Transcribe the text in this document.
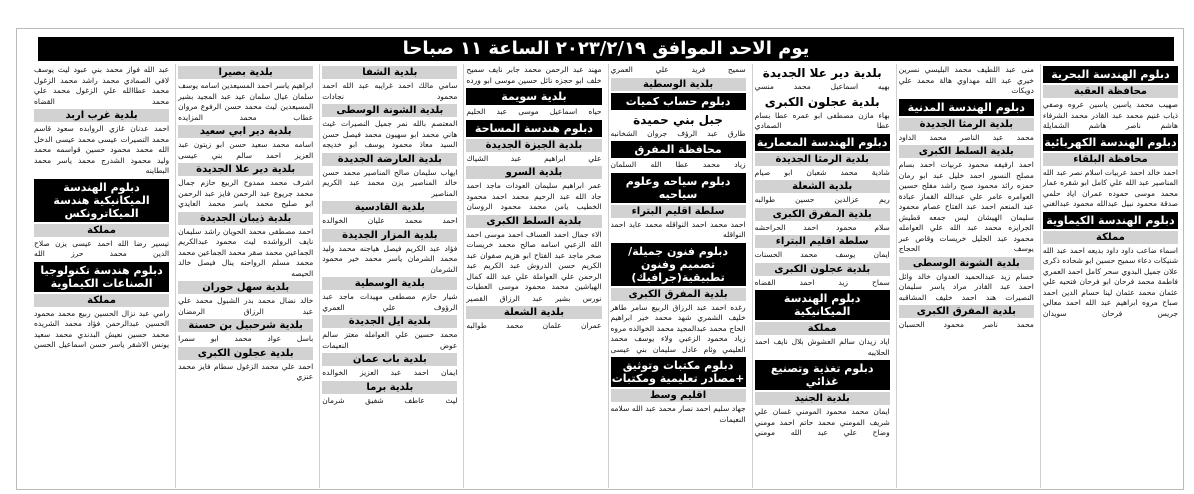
يوم الاحد الموافق ٢٠٢٣/٢/١٩ الساعة ١١ صباحا
دبلوم الهندسة البحرية
محافظة العقبة
صهيب محمد ياسين ياسين عروه وصفي ذياب غنيم محمد عبد القادر محمد الشرفاء هاشم ناصر هاشم الشمايلة
دبلوم الهندسة الكهربائية
محافظة البلقاء
احمد خالد احمد عربيات اسلام نصر عبد الله المناصير عبد الله علي كامل ابو شقره عمار محمد موسى حموده عمران اياد حلمي صدقة محمود نبيل عبدالله محمود عبدالغني
دبلوم الهندسة الكيماوية
مملكة
اسماء ضاعب داود داود بديعه احمد عبد الله شنيكات دعاء سميح حسين ابو شحاده ذكرى علان جميل البدوي سحر كامل احمد العمري فاطمة محمد فرحان ابو فرحان فتحيه علي عثمان محمد عثمان لينا حسام الدين احمد صباح مروه ابراهيم عبد الله احمد معالي جريس فرحان سويدان
منى عبد اللطيف محمد البليسي نسرين خيري عبد الله مهداوي هالة محمد علي دويكات
دبلوم الهندسة المدنية
بلدية الرمثا الجديدة
محمد عبد الناصر محمد الداود
بلدية السلط الكبرى
احمد ارفيفه محمود عربيات احمد بسام مصلح النسور احمد خليل عبد ابو رمان حمزه رائد محمود صبح راشد مفلح حسين العوامره عامر علي عبدالله القماز عبادة عبد المنعم احمد عبد الفتاح عصام محمود سليمان الهيشان ليس جمعه قطيش الجرايزه محمد عبد الله علي العوامله محمود عبد الجليل خريسات وقاص عبر يوسف الحجاج
بلدية الشونة الوسطى
حسام زيد عبدالحميد العدوان خالد وائل احمد عبد القادر مراد ياسر سليمان النصيرات هند احمد خليف المشاقبه
بلدية المفرق الكبرى
محمد ناصر محمود الحسبان
بلدية دير علا الجديدة
بهيه اسماعيل محمد منسي
بلدية عجلون الكبرى
بهاء مازن مصطفى ابو عمره عطا بسام عطا الصمادي
دبلوم الهندسة المعمارية
بلدية الرمثا الجديدة
شادية محمد شعبان ابو صيام
بلدية الشعلة
ريم عزالدين حسين طوالبه
بلدية المفرق الكبرى
سلام محمود احمد الحراحشه
سلطة اقليم البتراء
ايمان يوسف محمد الحسنات
بلدية عجلون الكبرى
سماح زيد احمد القضاه
دبلوم الهندسة الميكانيكية
مملكة
اياد زيدان سالم العشوش بلال نايف احمد الحلايبه
دبلوم تغذية وتصنيع غذائي
بلدية الجنيد
ايمان محمد محمود المومني غسان علي شريف المومني محمد حاتم احمد مومني وضاح علي عبد الله مومني
سميح فريد علي العمري
بلدية الوسطية
دبلوم حساب كميات
جبل بني حميدة
طارق عبد الرؤف جروان الشخانبه
محافظة المفرق
زياد محمد عطا الله السلمان
دبلوم سياحه وعلوم سياحيه
سلطة اقليم البتراء
احمد محمد احمد النواقله محمد عايد احمد النواقله
دبلوم فنون جميلة/تصميم وفنون تطبيقية(جرافيك)
بلدية المفرق الكبرى
رغده احمد عبد الرزاق الربيع سامر طاهر خليف الشمري شهد محمد خير ابراهيم الحاج محمد عبدالمجيد محمد الخوالده مروه زياد محمود الزعبي ولاء يوسف محمد العليمي وئام عادل سليمان بني عيسى
دبلوم مكتبات وتوثيق +مصادر تعليمية ومكتبات
اقليم وسط
جهاد سليم احمد نصار محمد عبد الله سلامه النعيمات
مهند عبد الرحمن محمد جابر نايف سميح خلف ابو حجزه نائل حسين موسى ابو ورده
بلدية سويمة
حياه اسماعيل موسى عبد الحليم
دبلوم هندسة المساحة
بلدية الجيزة الجديدة
علي ابراهيم عبد الشياك
بلدية السرو
عمر ابراهيم سليمان العودات ماجد احمد جاد الله عبد الرحيم محمد احمد محمود الخطيب يامن محمد محمود الروسان
بلدية السلط الكبرى
الاء جمال احمد العساف احمد موسى احمد الله الزعبي اسامه صالح محمد خريسات صخر ماجد عبد الفتاح ابو هزيم صفوان عبد الكريم حسن الدروش عبد الكريم عبد الرحمن علي العواملة علي عبد الله كمال الهياشين محمد محمود موسى العطيات
نورس بشير عبد الرزاق القصير
بلدية الشعلة
عمران علمان محمد طوالبه
بلدية الشفا
سامي مالك احمد غرايبه عبد الله احمد محمود نجادات
بلدية الشونة الوسطى
المعتصم بالله نمر جميل النصيرات غيث هاني محمد ابو سهيون محمد فيصل حسن السيد معاذ محمود يوسف ابو خديجه
بلدية العارضة الجديدة
ايهاب سليمان صالح المناصير محمد حسن خالد المناصير يزن محمد عبد الكريم المناصير
بلدية القادسية
احمد محمد عليان الخوالده
بلدية المزار الجديدة
فؤاد عبد الكريم فيصل هياجنه محمد وليد محمد الشرمان ياسر محمد خير محمود الشرمان
بلدية الوسطية
شيار حازم مصطفى مهيدات ماجد عبد الرؤوف علي العمري
بلدية ايل الجديدة
محمد حسين علي العوامله معتز سالم عوض النعيمات
بلدية باب عمان
ايمان احمد عبد العزيز الخوالده
بلدية برما
ليث عاطف شفيق شرمان
بلدية بصيرا
ابراهيم ياسر احمد المسيعدين اسامه يوسف سلمان عيال سلمان عيد عبد المجيد بشير المسيعدين ليث محمد حسن الرفوع مروان عطاب محمد المزايده
بلدية دير ابي سعيد
اسامه محمد سعيد حسن ابو زيتون عبد العزيز احمد سالم بني عيسى
بلدية دير علا الجديدة
اشرف محمد ممدوح الربيع حازم جمال محمد جريوع عبد الرحمن فايز عبد الرحمن ابو صليح محمد ياسر محمد العايدي
بلدية ذيبان الجديدة
احمد مصطفى محمد الحويان راشد سليمان نايف الرواشده ليث محمود عبدالكريم الجماعين محمد صقر محمد الجماعين محمد محمد مسلم الرواحنه ينال فيصل خالد الحيصه
بلدية سهل حوران
خالد نضال محمد بدر الشبول محمد علي عبد الرزاق الرمضان
بلدية شرحبيل بن حسنة
باسل عواد محمد ابو سمرا
بلدية عجلون الكبرى
احمد علي محمد الزغول سطام فايز محمد عنزي
عبد الله فواز محمد بني عبود ليث يوسف لافي الصمادي محمد راشد محمد الزغول محمد عطاالله علي الزغول محمد علي محمد القضاه
بلدية غرب اربد
احمد عدنان غازي الروابده سعود قاسم محمد التصيرات عيسى محمد عيسى الدخل الله محمد محمود حسين قواسمه محمد وليد محمود الشدرج محمد ياسر محمد البطاينه
دبلوم الهندسة الميكانيكية هندسة الميكاترونكس
مملكة
تيسير رضا الله احمد عيسى يزن صلاح الدين محمد حرز الله
دبلوم هندسة تكنولوجيا الصناعات الكيماوية
مملكة
رامي عبد نزال الحسين ربيع محمد محمود الحسين عبدالرحمن فؤاد محمد الشريده محمد حسين نعيش البدندي محمد سعيد يونس الاشقر ياسر حسن اسماعيل الحسن
